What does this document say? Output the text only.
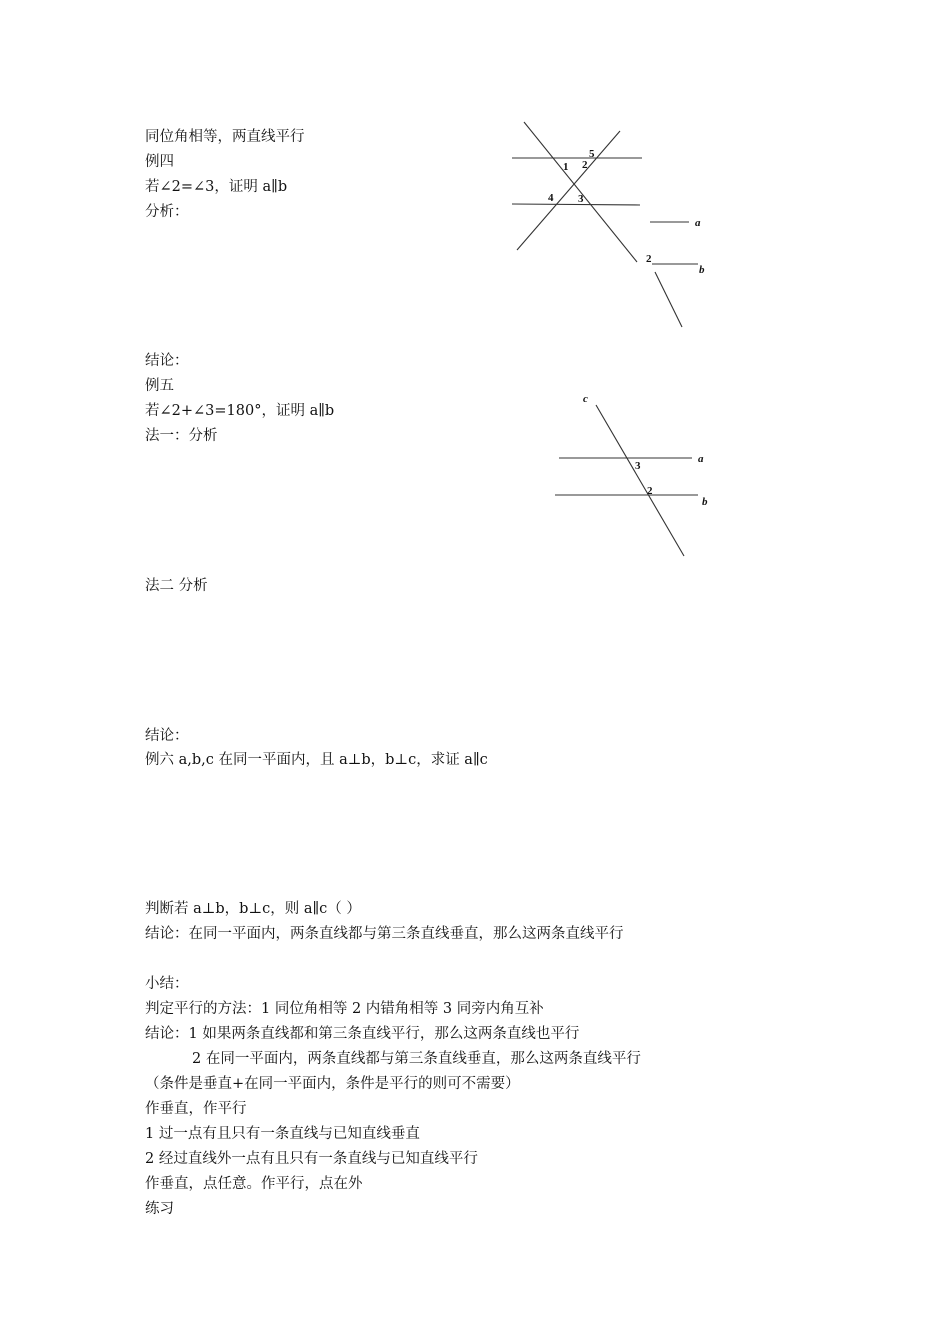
同位角相等，两直线平行
例四
若∠2=∠3，证明 a∥b
分析：
结论：
例五
若∠2+∠3=180°，证明 a∥b
法一：分析
法二 分析
结论：
例六 a,b,c 在同一平面内，且 a⊥b，b⊥c，求证 a∥c
判断若 a⊥b，b⊥c，则 a∥c（ ）
结论：在同一平面内，两条直线都与第三条直线垂直，那么这两条直线平行
小结：
判定平行的方法：1 同位角相等 2 内错角相等 3 同旁内角互补
结论：1 如果两条直线都和第三条直线平行，那么这两条直线也平行
2 在同一平面内，两条直线都与第三条直线垂直，那么这两条直线平行
（条件是垂直+在同一平面内，条件是平行的则可不需要）
作垂直，作平行
1 过一点有且只有一条直线与已知直线垂直
2 经过直线外一点有且只有一条直线与已知直线平行
作垂直，点任意。作平行，点在外
练习
1 2
5
4 3
a
2
b
c
a
b
3
2
